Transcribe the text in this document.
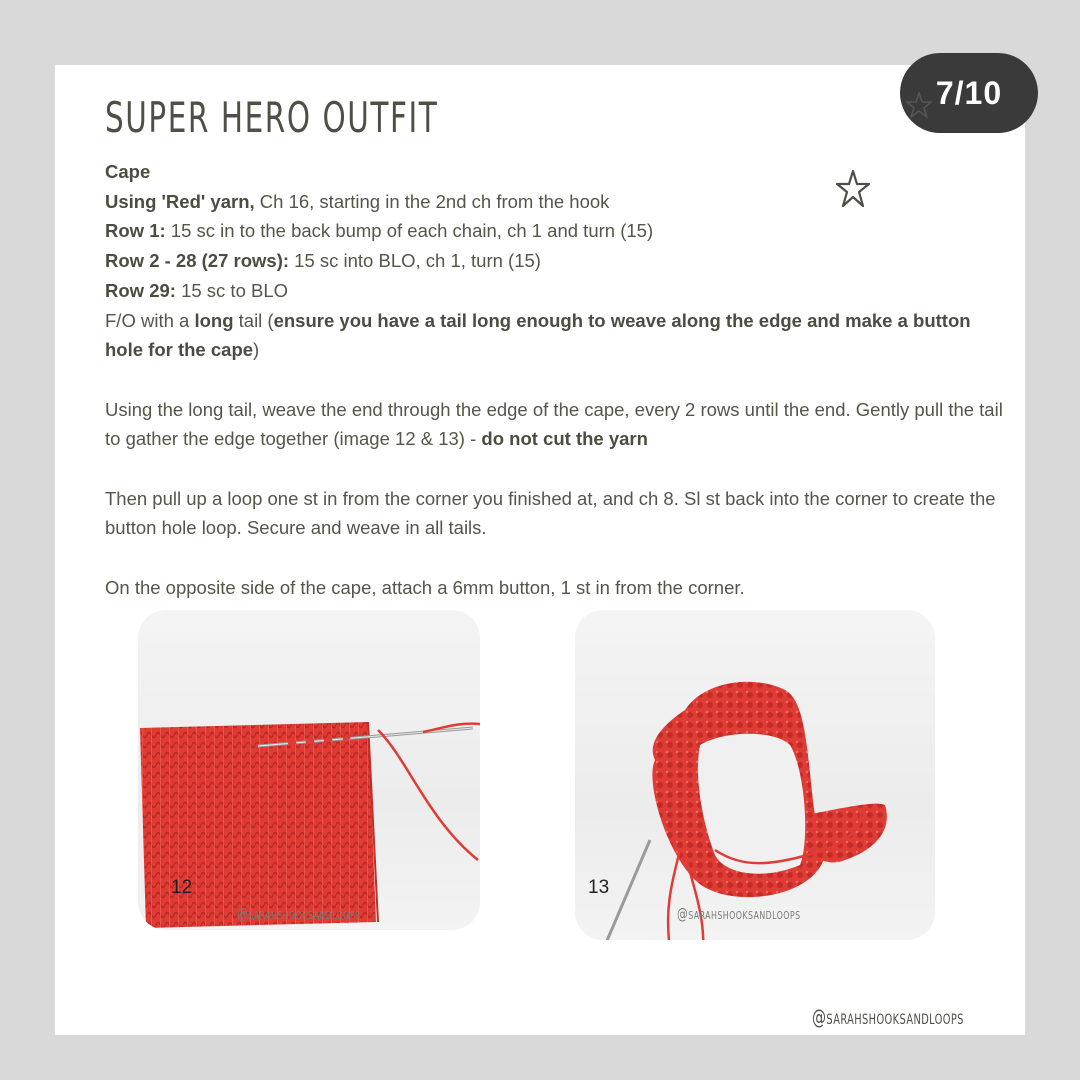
SUPER HERO OUTFIT
7/10

Cape

Using 'Red' yarn, Ch 16, starting in the 2nd ch from the hook

Row 1: 15 sc in to the back bump of each chain, ch 1 and turn (15)

Row 2 - 28 (27 rows): 15 sc into BLO, ch 1, turn (15)

Row 29: 15 sc to BLO

F/O with a long tail (ensure you have a tail long enough to weave along the edge and make a button hole for the cape)

Using the long tail, weave the end through the edge of the cape, every 2 rows until the end. Gently pull the tail to gather the edge together (image 12 & 13) - do not cut the yarn

Then pull up a loop one st in from the corner you finished at, and ch 8. Sl st back into the corner to create the button hole loop. Secure and weave in all tails.

On the opposite side of the cape, attach a 6mm button, 1 st in from the corner.

12
@sarahshooksandloops
13
@sarahshooksandloops
@sarahshooksandloops
